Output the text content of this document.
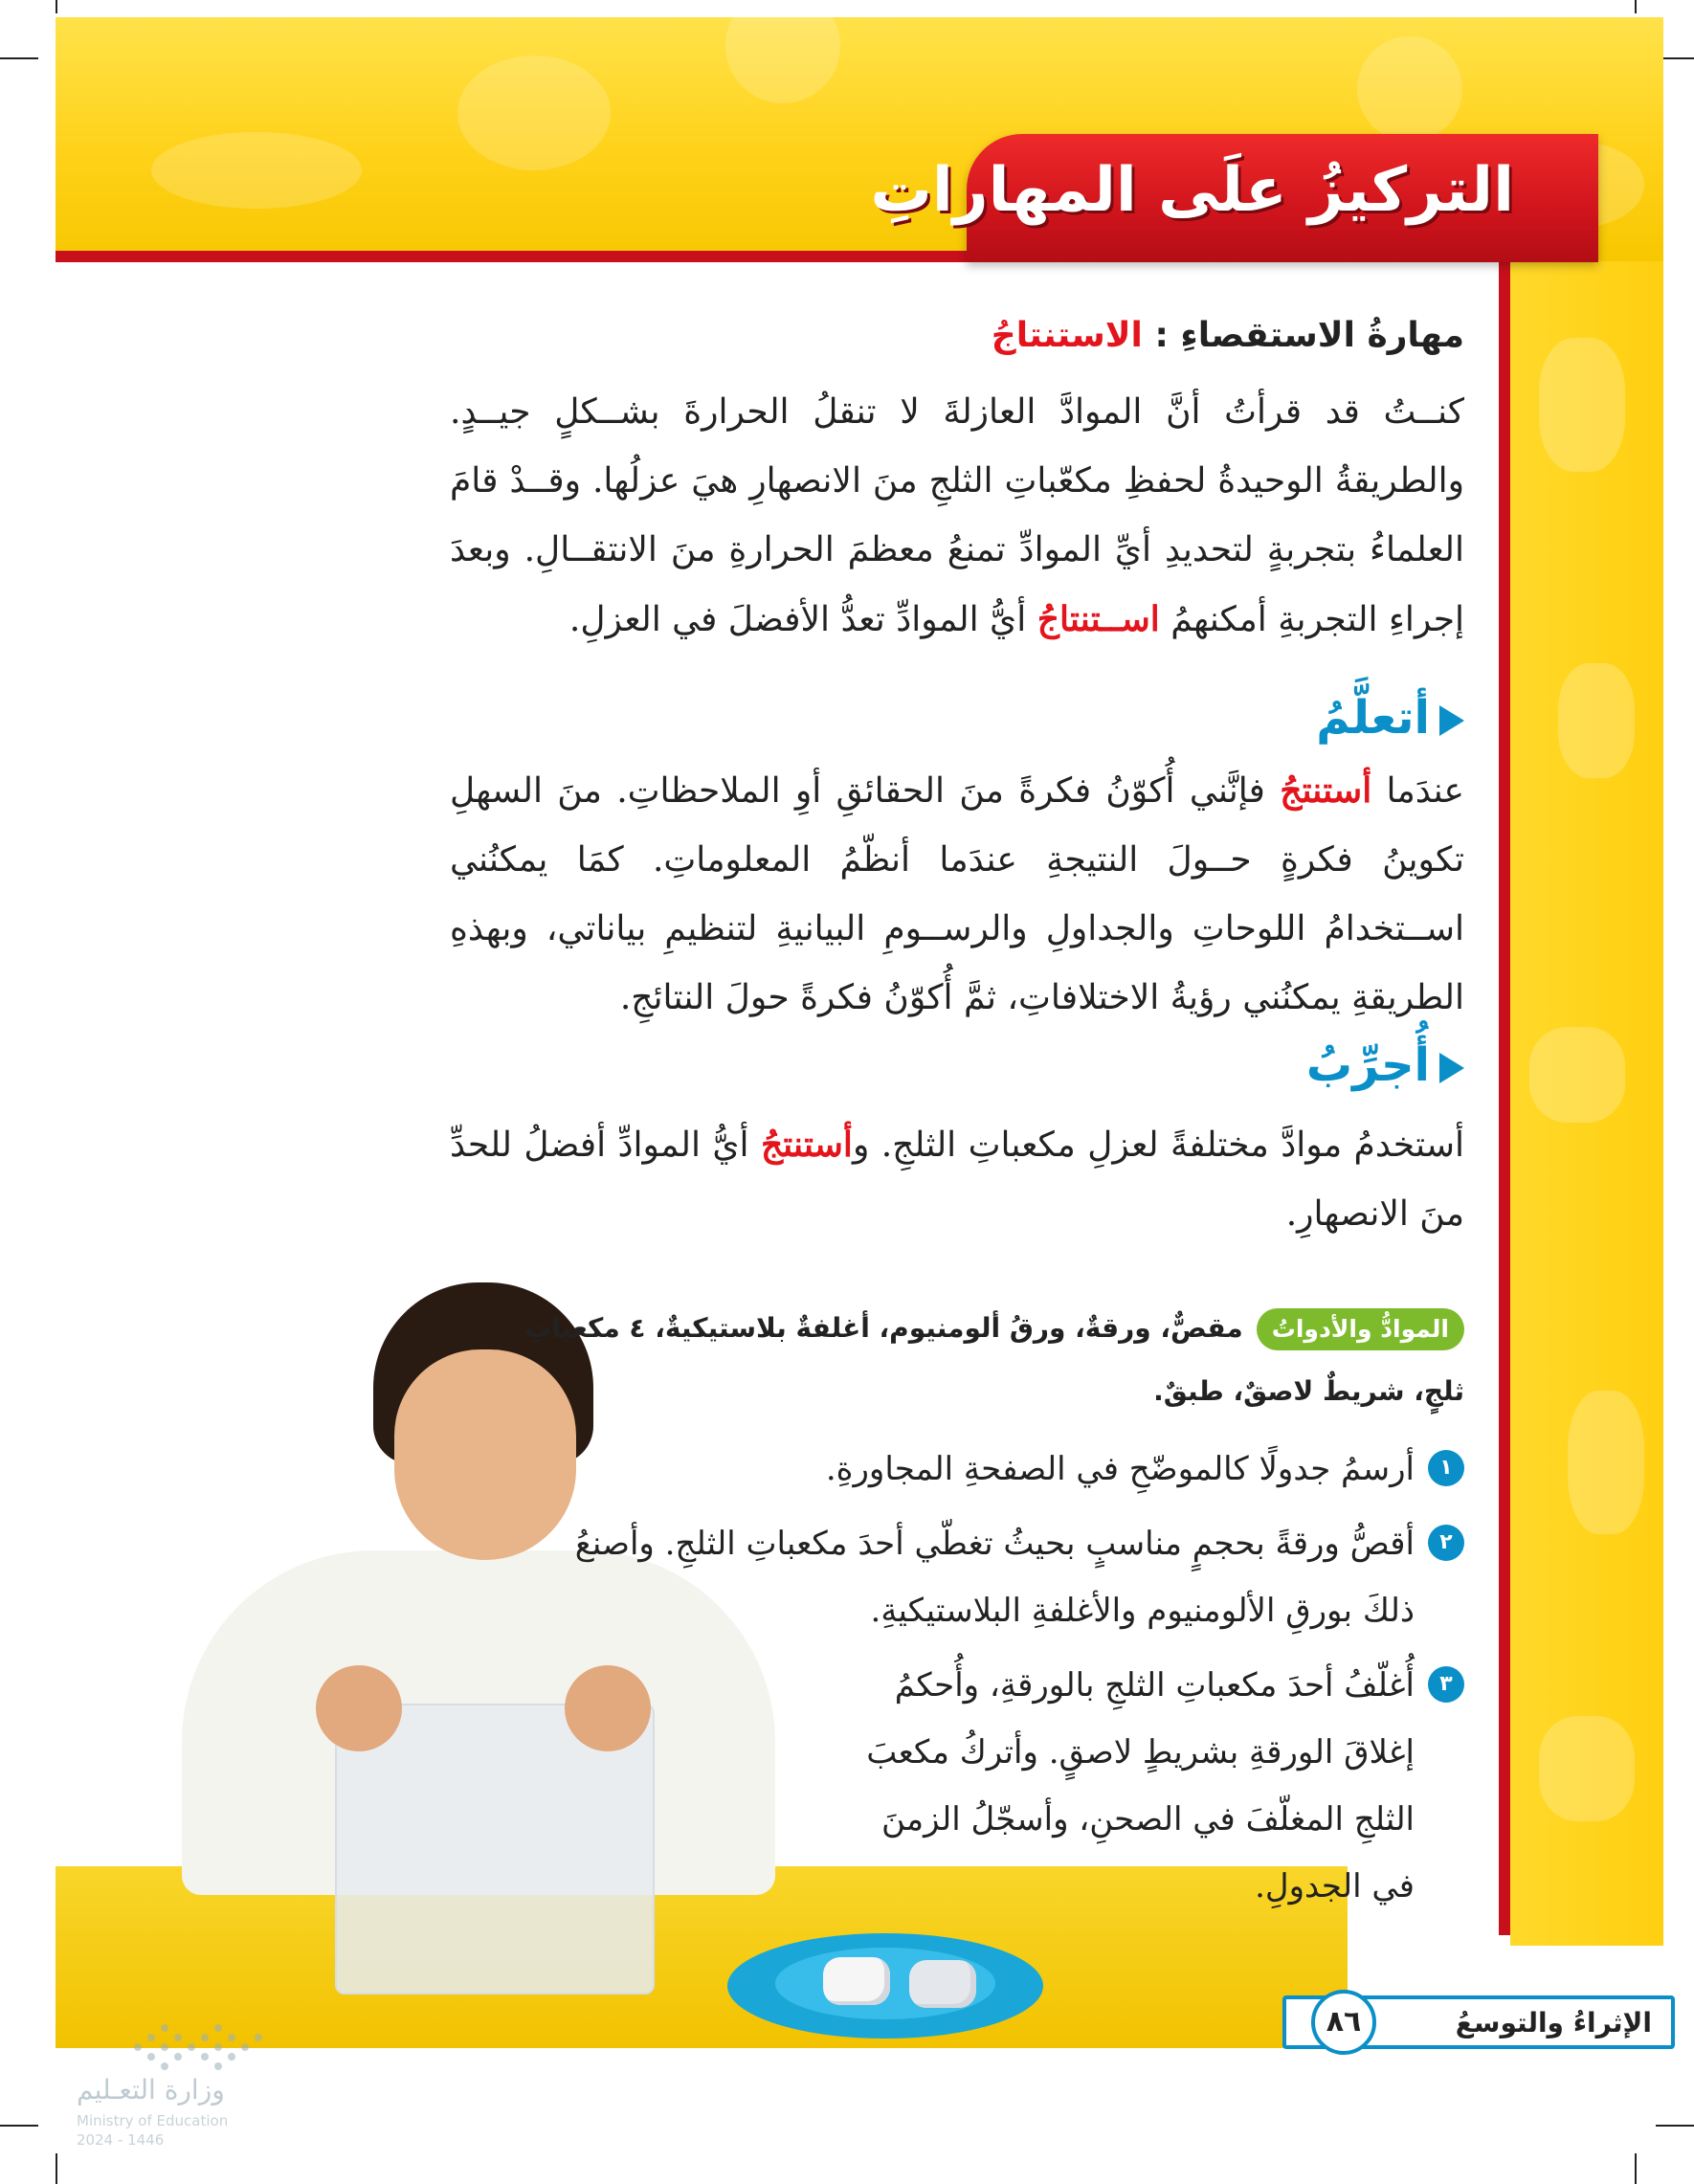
التركيزُ علَى المهاراتِ
مهارةُ الاستقصاءِ : الاستنتاجُ
كنــتُ قد قرأتُ أنَّ الموادَّ العازلةَ لا تنقلُ الحرارةَ بشــكلٍ جيــدٍ. والطريقةُ الوحيدةُ لحفظِ مكعّباتِ الثلجِ منَ الانصهارِ هيَ عزلُها. وقــدْ قامَ العلماءُ بتجربةٍ لتحديدِ أيِّ الموادِّ تمنعُ معظمَ الحرارةِ منَ الانتقــالِ. وبعدَ إجراءِ التجربةِ أمكنهمُ اســتنتاجُ أيُّ الموادِّ تعدُّ الأفضلَ في العزلِ.
أتعلَّمُ
عندَما أستنتجُ فإنَّني أُكوّنُ فكرةً منَ الحقائقِ أوِ الملاحظاتِ. منَ السهلِ تكوينُ فكرةٍ حــولَ النتيجةِ عندَما أنظّمُ المعلوماتِ. كمَا يمكنُني اســتخدامُ اللوحاتِ والجداولِ والرســومِ البيانيةِ لتنظيمِ بياناتي، وبهذهِ الطريقةِ يمكنُني رؤيةُ الاختلافاتِ، ثمَّ أُكوّنُ فكرةً حولَ النتائجِ.
أُجرِّبُ
أستخدمُ موادَّ مختلفةً لعزلِ مكعباتِ الثلجِ. وأستنتجُ أيُّ الموادِّ أفضلُ للحدِّ منَ الانصهارِ.
الموادُّ والأدواتُمقصٌّ، ورقةٌ، ورقُ ألومنيوم، أغلفةٌ بلاستيكيةٌ، ٤ مكعباتِ ثلجٍ، شريطٌ لاصقٌ، طبقٌ.
١
أرسمُ جدولًا كالموضّحِ في الصفحةِ المجاورةِ.
٢
أقصُّ ورقةً بحجمٍ مناسبٍ بحيثُ تغطّي أحدَ مكعباتِ الثلجِ. وأصنعُ ذلكَ بورقِ الألومنيوم والأغلفةِ البلاستيكيةِ.
٣
أُغلّفُ أحدَ مكعباتِ الثلجِ بالورقةِ، وأُحكمُ إغلاقَ الورقةِ بشريطٍ لاصقٍ. وأتركُ مكعبَ الثلجِ المغلّفَ في الصحنِ، وأسجّلُ الزمنَ في الجدولِ.
الإثراءُ والتوسعُ
٨٦
وزارة التعـليم
Ministry of Education
2024 - 1446
